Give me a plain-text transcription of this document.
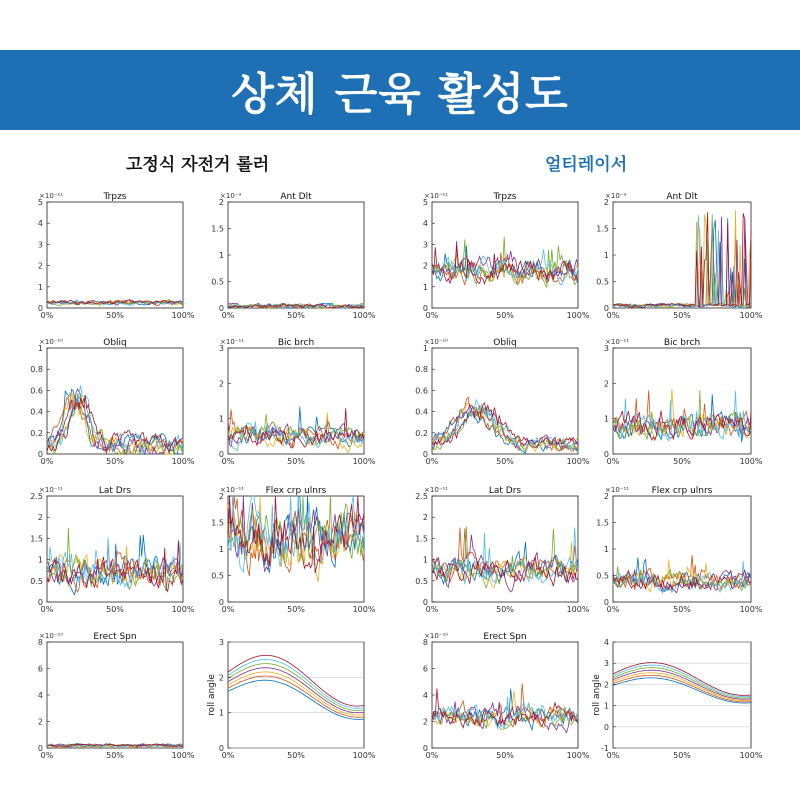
상체 근육 활성도
고정식 자전거 롤러	얼티레이서
0
1
2
3
4
5
0%	50%	100%
×10⁻¹¹	Trpzs
0
0.5
1
1.5
2
0%	50%	100%
×10⁻⁹	Ant Dlt
0
0.2
0.4
0.6
0.8
1
0%	50%	100%
×10⁻¹⁰	Obliq
0
1
2
3
0%	50%	100%
×10⁻¹¹	Bic brch
0
0.5
1
1.5
2
2.5
0%	50%	100%
×10⁻¹¹	Lat Drs
0
0.5
1
1.5
2
0%	50%	100%
×10⁻¹¹ Flex crp ulnrs
0
2
4
6
8
0%	50%	100%
×10⁻¹⁰	Erect Spn
0
1
2
3
0%	50%	100%
roll angle
0
1
2
3
4
5
0%	50%	100%
×10⁻¹¹	Trpzs
0
0.5
1
1.5
2
0%	50%	100%
×10⁻⁹	Ant Dlt
0
0.2
0.4
0.6
0.8
1
0%	50%	100%
×10⁻¹⁰	Obliq
0
1
2
3
0%	50%	100%
×10⁻¹¹	Bic brch
0
0.5
1
1.5
2
2.5
0%	50%	100%
×10⁻¹¹	Lat Drs
0
0.5
1
1.5
2
0%	50%	100%
×10⁻¹¹	Flex crp ulnrs
0
2
4
6
8
0%	50%	100%
×10⁻¹⁰	Erect Spn
-1
0
1
2
3
4
0%	50%	100%
roll angle
